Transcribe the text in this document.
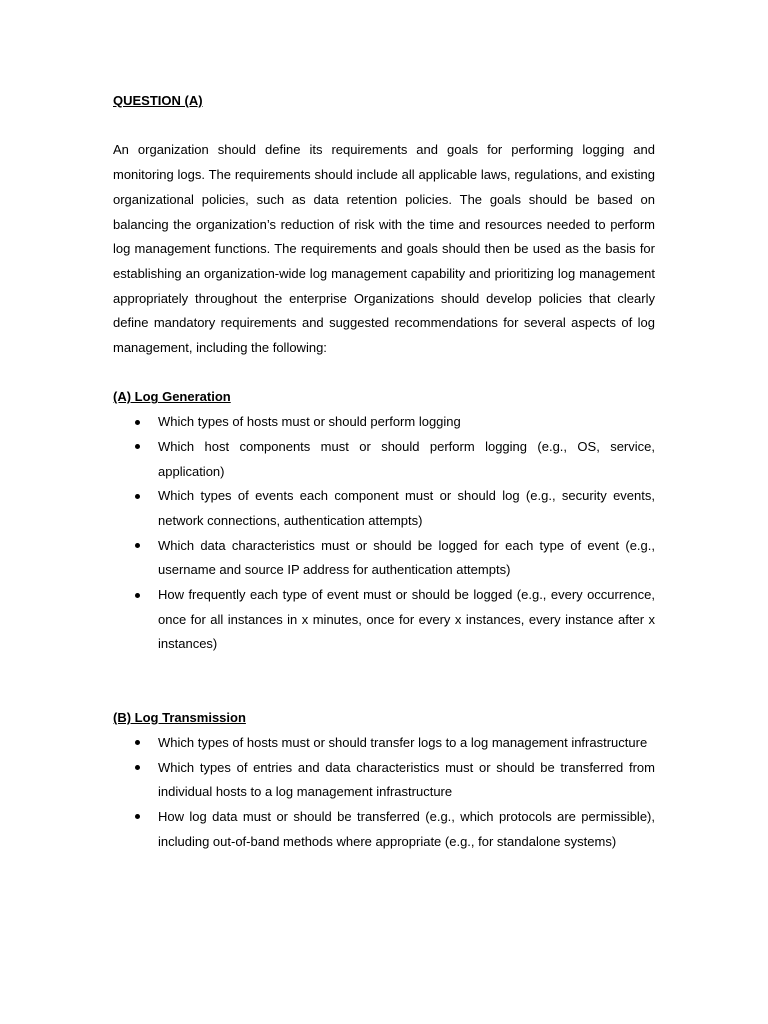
QUESTION (A)

An organization should define its requirements and goals for performing logging and monitoring logs. The requirements should include all applicable laws, regulations, and existing organizational policies, such as data retention policies. The goals should be based on balancing the organization’s reduction of risk with the time and resources needed to perform log management functions. The requirements and goals should then be used as the basis for establishing an organization-wide log management capability and prioritizing log management appropriately throughout the enterprise Organizations should develop policies that clearly define mandatory requirements and suggested recommendations for several aspects of log management, including the following:

(A) Log Generation

Which types of hosts must or should perform logging
Which host components must or should perform logging (e.g., OS, service, application)
Which types of events each component must or should log (e.g., security events, network connections, authentication attempts)
Which data characteristics must or should be logged for each type of event (e.g., username and source IP address for authentication attempts)
How frequently each type of event must or should be logged (e.g., every occurrence, once for all instances in x minutes, once for every x instances, every instance after x instances)

(B) Log Transmission

Which types of hosts must or should transfer logs to a log management infrastructure
Which types of entries and data characteristics must or should be transferred from individual hosts to a log management infrastructure
How log data must or should be transferred (e.g., which protocols are permissible), including out-of-band methods where appropriate (e.g., for standalone systems)
